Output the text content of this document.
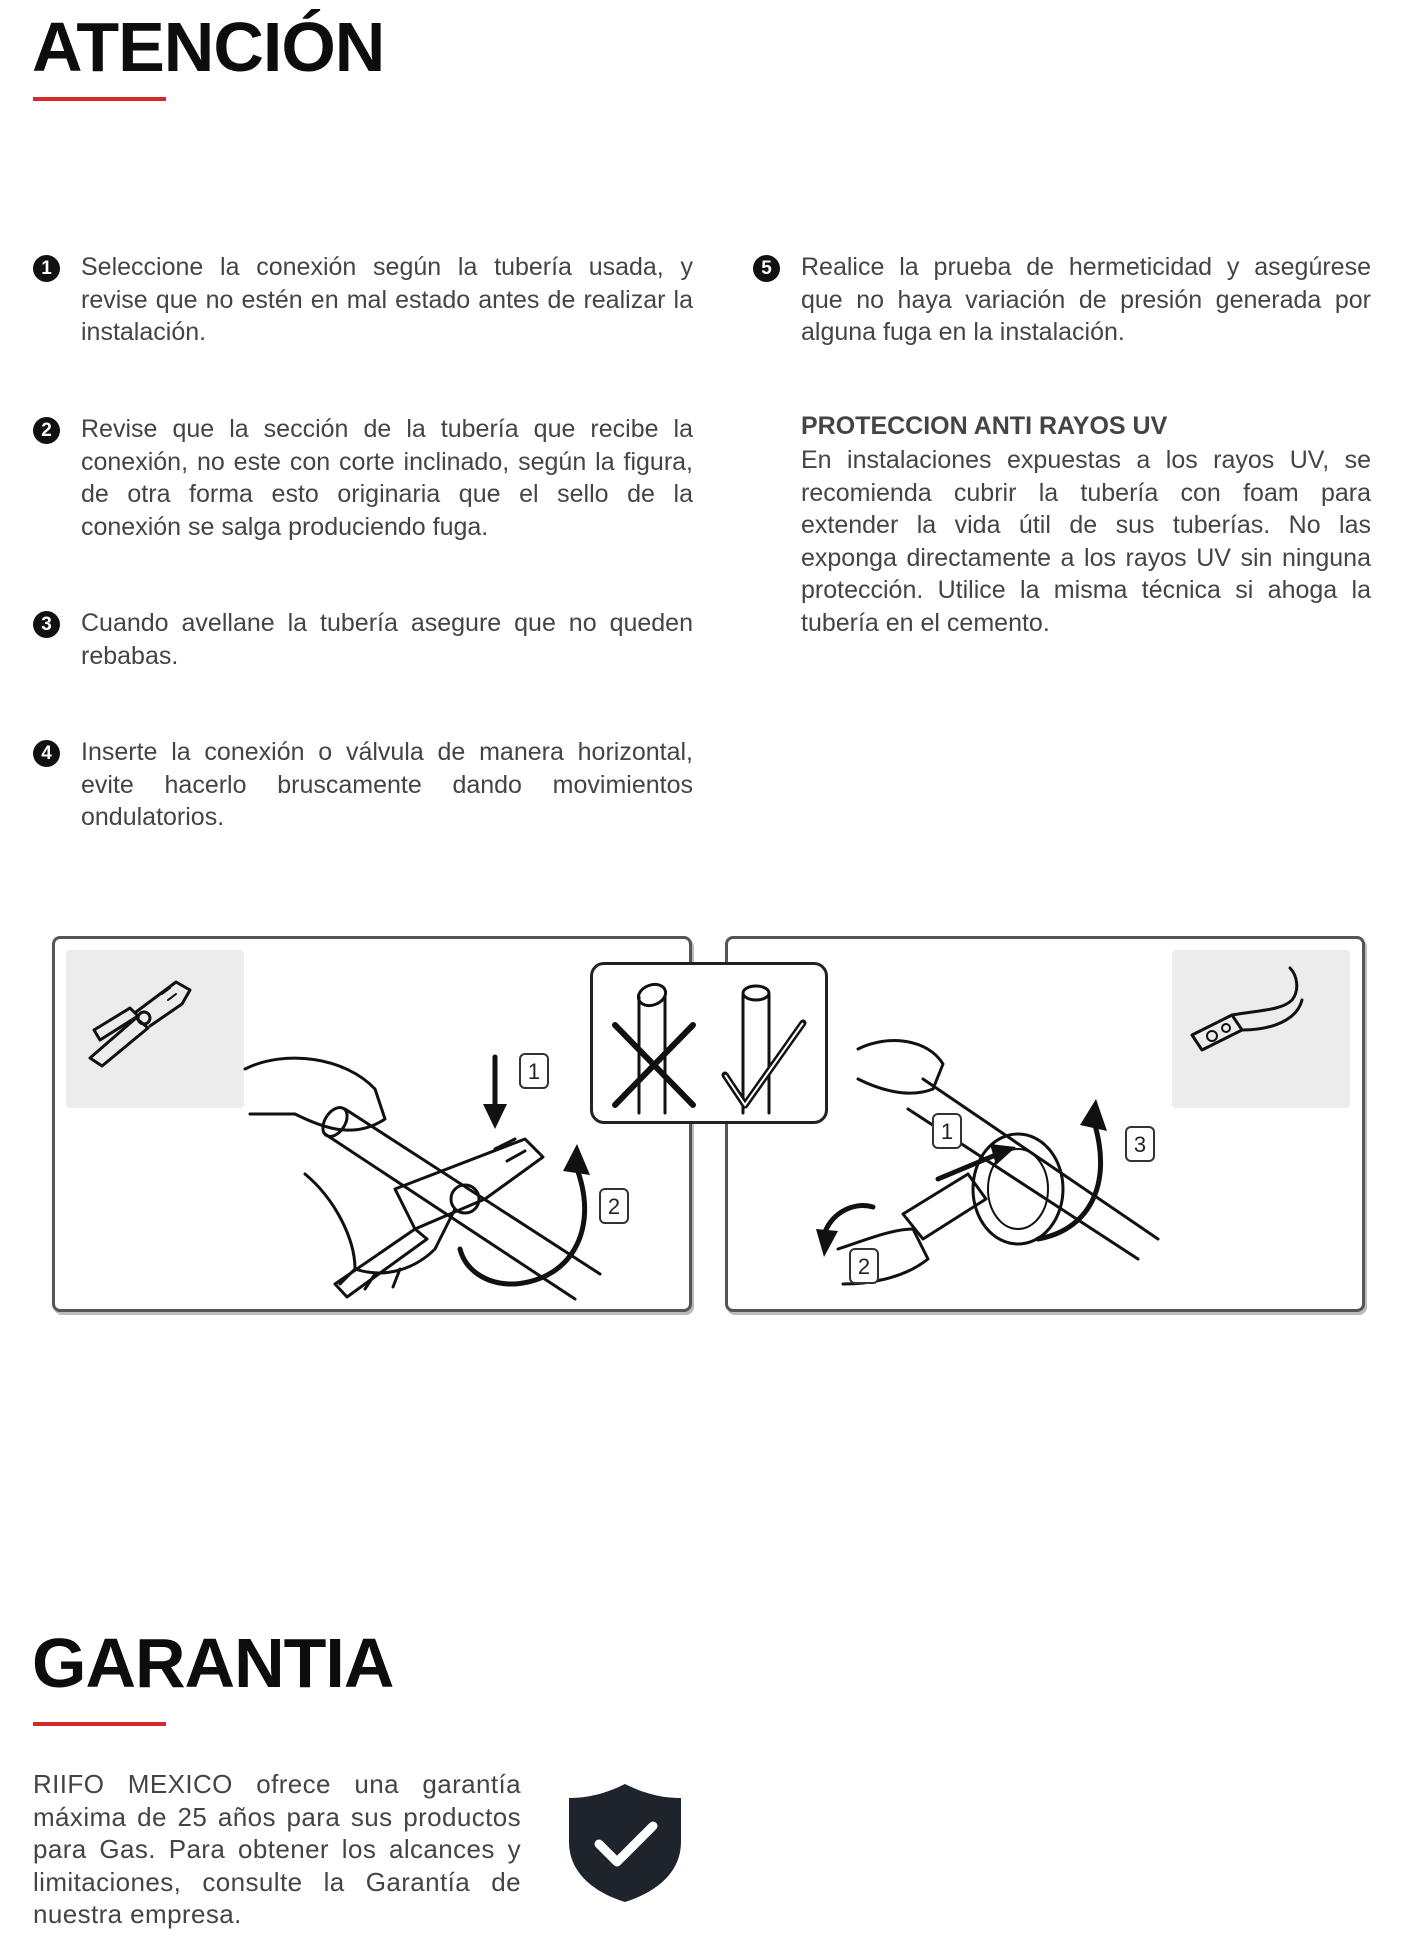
ATENCIÓN
1	Seleccione la conexión según la tubería usada, y revise que no estén en mal estado antes de realizar la instalación.
2	Revise que la sección de la tubería que recibe la conexión, no este con corte inclinado, según la figura, de otra forma esto originaria que el sello de la conexión se salga produciendo fuga.
3	Cuando avellane la tubería asegure que no queden rebabas.
4	Inserte la conexión o válvula de manera horizontal, evite hacerlo bruscamente dando movimientos ondulatorios.
5	Realice la prueba de hermeticidad y asegúrese que no haya variación de presión generada por alguna fuga en la instalación.
PROTECCION ANTI RAYOS UV
En instalaciones expuestas a los rayos UV, se recomienda cubrir la tubería con foam para extender la vida útil de sus tuberías. No las exponga directamente a los rayos UV sin ninguna protección. Utilice la misma técnica si ahoga la tubería en el cemento.
1
2
1
2
3
GARANTIA
RIIFO MEXICO ofrece una garantía máxima de 25 años para sus productos para Gas. Para obtener los alcances y limitaciones, consulte la Garantía de nuestra empresa.
